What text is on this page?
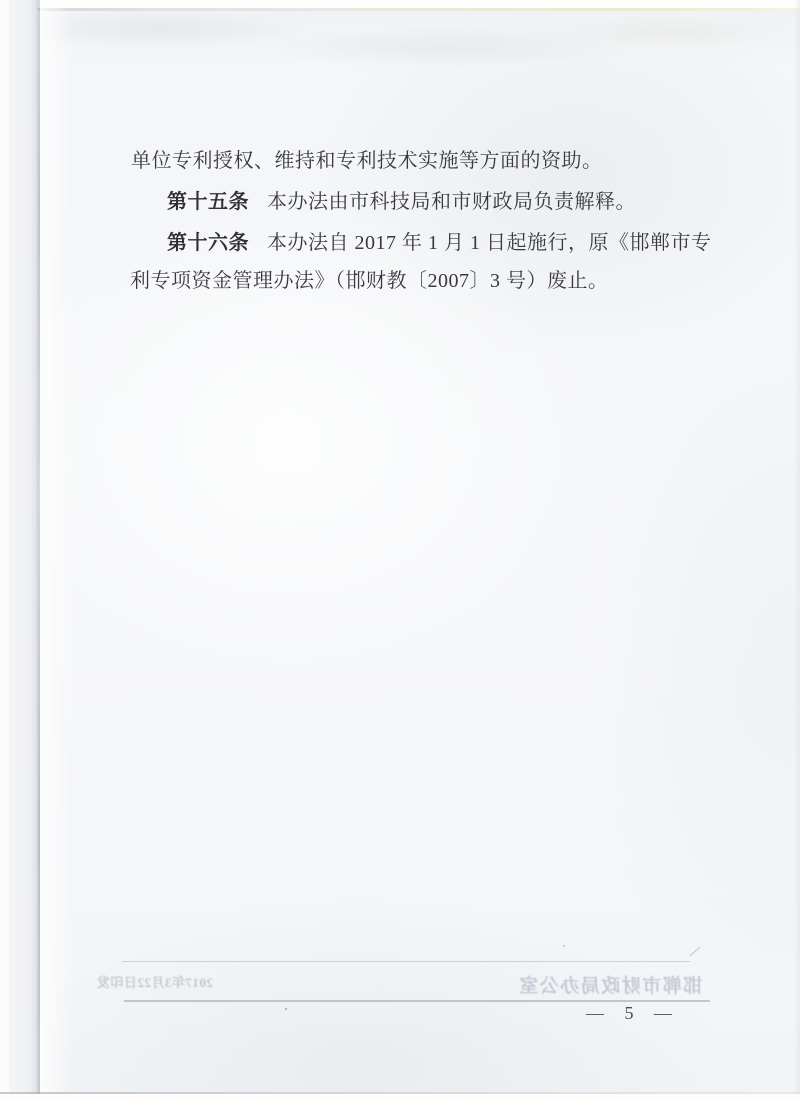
单位专利授权、维持和专利技术实施等方面的资助。
第十五条 本办法由市科技局和市财政局负责解释。
第十六条 本办法自 2017 年 1 月 1 日起施行，原《邯郸市专
利专项资金管理办法》（邯财教〔2007〕3 号）废止。
邯郸市财政局办公室
2017年3月22日印发
— 5 —
